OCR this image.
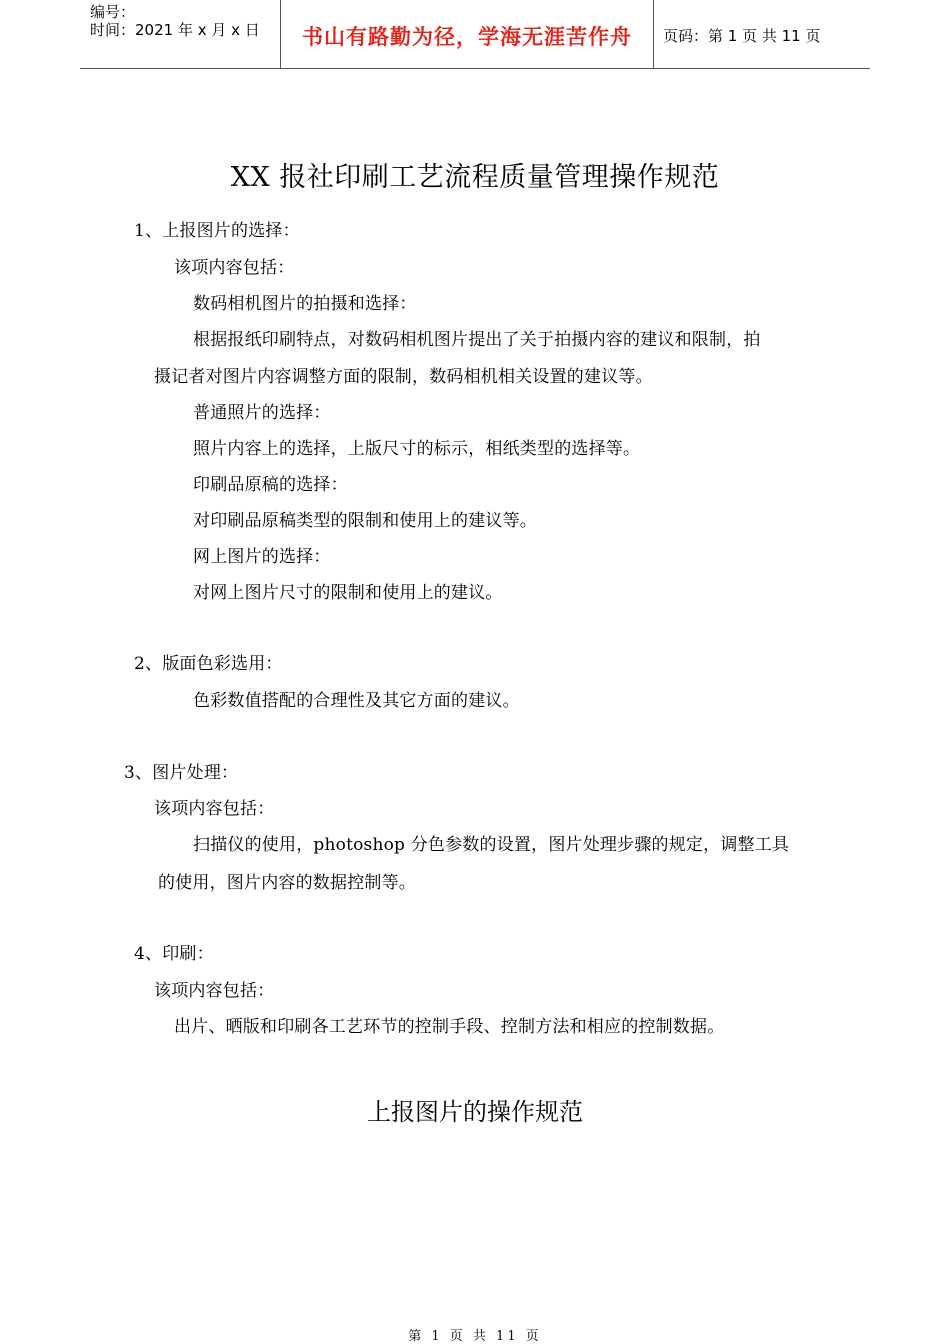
编号：
时间：2021 年 x 月 x 日	书山有路勤为径，学海无涯苦作舟	页码：第 1 页 共 11 页
XX 报社印刷工艺流程质量管理操作规范
1、上报图片的选择：
该项内容包括：
数码相机图片的拍摄和选择：
根据报纸印刷特点，对数码相机图片提出了关于拍摄内容的建议和限制，拍
摄记者对图片内容调整方面的限制，数码相机相关设置的建议等。
普通照片的选择：
照片内容上的选择，上版尺寸的标示，相纸类型的选择等。
印刷品原稿的选择：
对印刷品原稿类型的限制和使用上的建议等。
网上图片的选择：
对网上图片尺寸的限制和使用上的建议。
2、版面色彩选用：
色彩数值搭配的合理性及其它方面的建议。
3、图片处理：
该项内容包括：
扫描仪的使用，photoshop 分色参数的设置，图片处理步骤的规定，调整工具
的使用，图片内容的数据控制等。
4、印刷：
该项内容包括：
出片、晒版和印刷各工艺环节的控制手段、控制方法和相应的控制数据。
上报图片的操作规范
第 1 页 共 11 页
